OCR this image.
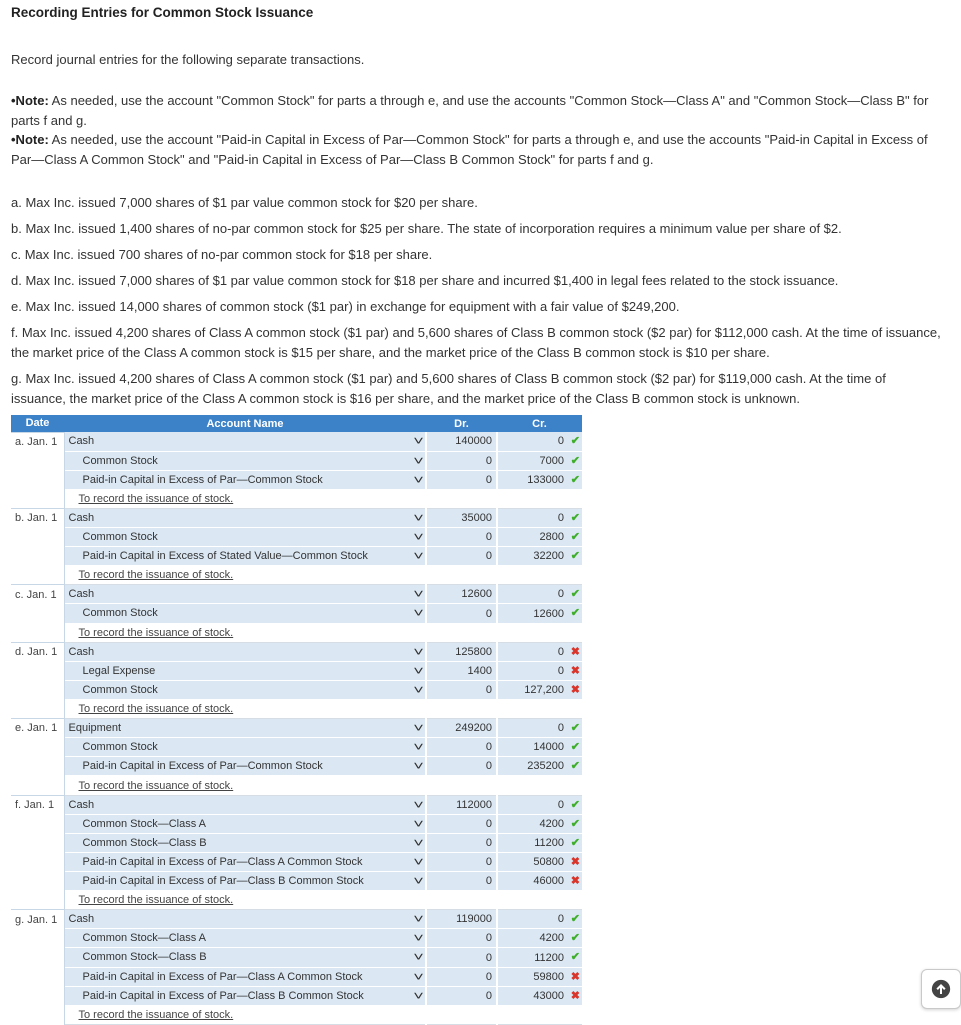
Recording Entries for Common Stock Issuance
Record journal entries for the following separate transactions.
•Note: As needed, use the account "Common Stock" for parts a through e, and use the accounts "Common Stock—Class A" and "Common Stock—Class B" for parts f and g.
•Note: As needed, use the account "Paid-in Capital in Excess of Par—Common Stock" for parts a through e, and use the accounts "Paid-in Capital in Excess of Par—Class A Common Stock" and "Paid-in Capital in Excess of Par—Class B Common Stock" for parts f and g.
a. Max Inc. issued 7,000 shares of $1 par value common stock for $20 per share.
b. Max Inc. issued 1,400 shares of no-par common stock for $25 per share. The state of incorporation requires a minimum value per share of $2.
c. Max Inc. issued 700 shares of no-par common stock for $18 per share.
d. Max Inc. issued 7,000 shares of $1 par value common stock for $18 per share and incurred $1,400 in legal fees related to the stock issuance.
e. Max Inc. issued 14,000 shares of common stock ($1 par) in exchange for equipment with a fair value of $249,200.
f. Max Inc. issued 4,200 shares of Class A common stock ($1 par) and 5,600 shares of Class B common stock ($2 par) for $112,000 cash. At the time of issuance, the market price of the Class A common stock is $15 per share, and the market price of the Class B common stock is $10 per share.
g. Max Inc. issued 4,200 shares of Class A common stock ($1 par) and 5,600 shares of Class B common stock ($2 par) for $119,000 cash. At the time of issuance, the market price of the Class A common stock is $16 per share, and the market price of the Class B common stock is unknown.
Date	Account Name	Dr.	Cr.
a. Jan. 1	Cash ˅	140000	0 ✔

	Common Stock ˅	0	7000 ✔

	Paid-in Capital in Excess of Par—Common Stock ˅	0	133000 ✔

	To record the issuance of stock.		
b. Jan. 1	Cash ˅	35000	0 ✔

	Common Stock ˅	0	2800 ✔

	Paid-in Capital in Excess of Stated Value—Common Stock ˅	0	32200 ✔

	To record the issuance of stock.		
c. Jan. 1	Cash ˅	12600	0 ✔

	Common Stock ˅	0	12600 ✔

	To record the issuance of stock.		
d. Jan. 1	Cash ˅	125800	0 ✖

	Legal Expense ˅	1400	0 ✖

	Common Stock ˅	0	127,200 ✖

	To record the issuance of stock.		
e. Jan. 1	Equipment ˅	249200	0 ✔

	Common Stock ˅	0	14000 ✔

	Paid-in Capital in Excess of Par—Common Stock ˅	0	235200 ✔

	To record the issuance of stock.		
f. Jan. 1	Cash ˅	112000	0 ✔

	Common Stock—Class A ˅	0	4200 ✔

	Common Stock—Class B ˅	0	11200 ✔

	Paid-in Capital in Excess of Par—Class A Common Stock ˅	0	50800 ✖

	Paid-in Capital in Excess of Par—Class B Common Stock ˅	0	46000 ✖

	To record the issuance of stock.		
g. Jan. 1	Cash ˅	119000	0 ✔

	Common Stock—Class A ˅	0	4200 ✔

	Common Stock—Class B ˅	0	11200 ✔

	Paid-in Capital in Excess of Par—Class A Common Stock ˅	0	59800 ✖

	Paid-in Capital in Excess of Par—Class B Common Stock ˅	0	43000 ✖

	To record the issuance of stock.		
